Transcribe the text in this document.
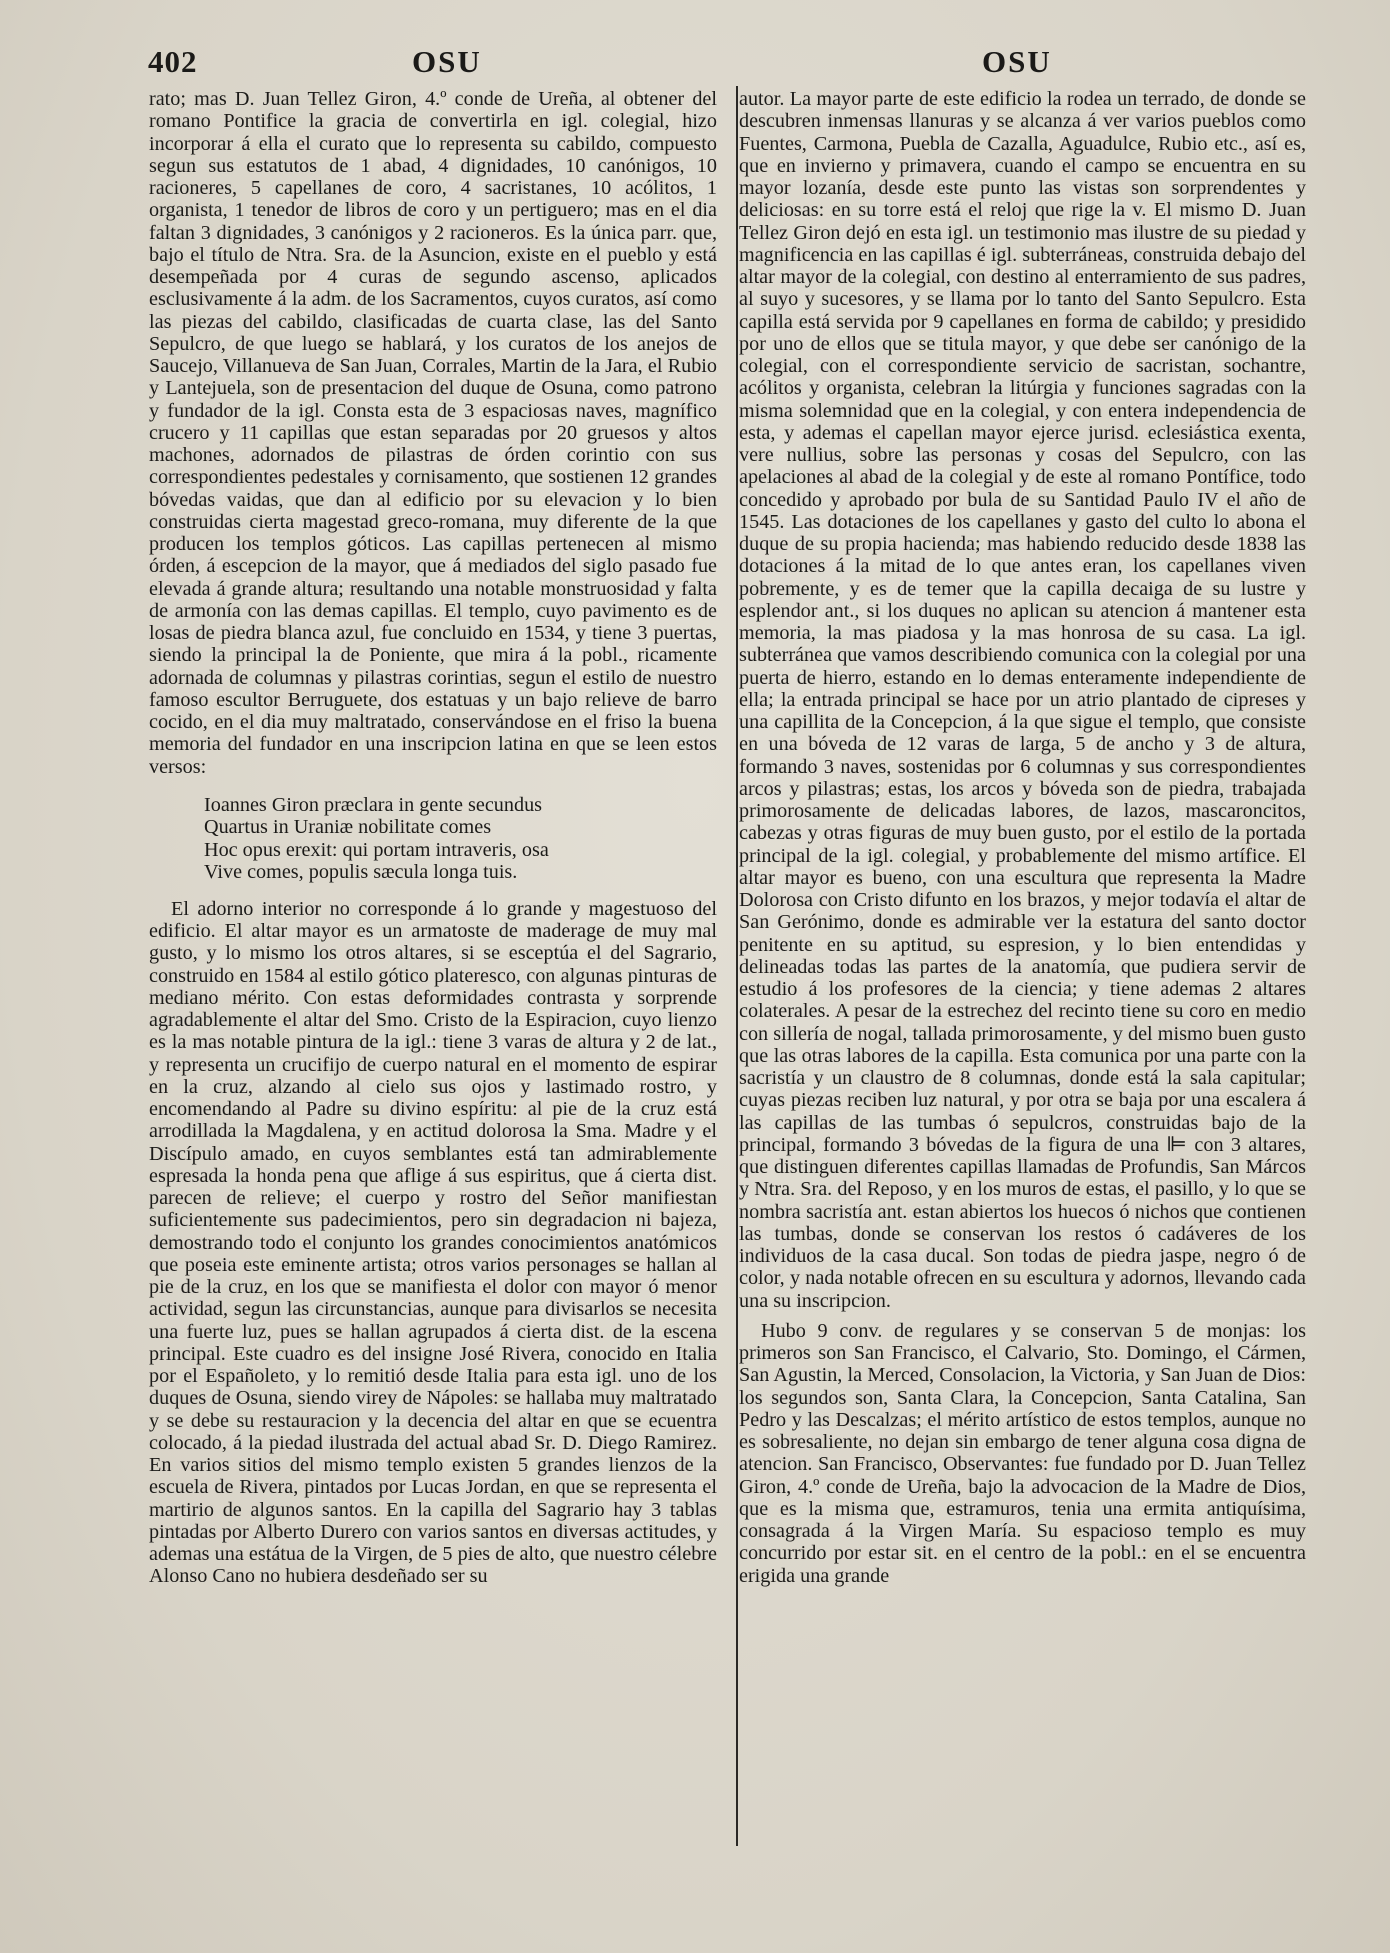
402	OSU	OSU

rato; mas D. Juan Tellez Giron, 4.º conde de Ureña, al obtener del romano Pontifice la gracia de convertirla en igl. colegial, hizo incorporar á ella el curato que lo representa su cabildo, compuesto segun sus estatutos de 1 abad, 4 dignidades, 10 canónigos, 10 racioneres, 5 capellanes de coro, 4 sacristanes, 10 acólitos, 1 organista, 1 tenedor de libros de coro y un pertiguero; mas en el dia faltan 3 dignidades, 3 canónigos y 2 racioneros. Es la única parr. que, bajo el título de Ntra. Sra. de la Asuncion, existe en el pueblo y está desempeñada por 4 curas de segundo ascenso, aplicados esclusivamente á la adm. de los Sacramentos, cuyos curatos, así como las piezas del cabildo, clasificadas de cuarta clase, las del Santo Sepulcro, de que luego se hablará, y los curatos de los anejos de Saucejo, Villanueva de San Juan, Corrales, Martin de la Jara, el Rubio y Lantejuela, son de presentacion del duque de Osuna, como patrono y fundador de la igl. Consta esta de 3 espaciosas naves, magnífico crucero y 11 capillas que estan separadas por 20 gruesos y altos machones, adornados de pilastras de órden corintio con sus correspondientes pedestales y cornisamento, que sostienen 12 grandes bóvedas vaidas, que dan al edificio por su elevacion y lo bien construidas cierta magestad greco-romana, muy diferente de la que producen los templos góticos. Las capillas pertenecen al mismo órden, á escepcion de la mayor, que á mediados del siglo pasado fue elevada á grande altura; resultando una notable monstruosidad y falta de armonía con las demas capillas. El templo, cuyo pavimento es de losas de piedra blanca azul, fue concluido en 1534, y tiene 3 puertas, siendo la principal la de Poniente, que mira á la pobl., ricamente adornada de columnas y pilastras corintias, segun el estilo de nuestro famoso escultor Berruguete, dos estatuas y un bajo relieve de barro cocido, en el dia muy maltratado, conservándose en el friso la buena memoria del fundador en una inscripcion latina en que se leen estos versos:

Ioannes Giron præclara in gente secundus
Quartus in Uraniæ nobilitate comes
Hoc opus erexit: qui portam intraveris, osa
Vive comes, populis sæcula longa tuis.

El adorno interior no corresponde á lo grande y magestuoso del edificio. El altar mayor es un armatoste de maderage de muy mal gusto, y lo mismo los otros altares, si se esceptúa el del Sagrario, construido en 1584 al estilo gótico plateresco, con algunas pinturas de mediano mérito. Con estas deformidades contrasta y sorprende agradablemente el altar del Smo. Cristo de la Espiracion, cuyo lienzo es la mas notable pintura de la igl.: tiene 3 varas de altura y 2 de lat., y representa un crucifijo de cuerpo natural en el momento de espirar en la cruz, alzando al cielo sus ojos y lastimado rostro, y encomendando al Padre su divino espíritu: al pie de la cruz está arrodillada la Magdalena, y en actitud dolorosa la Sma. Madre y el Discípulo amado, en cuyos semblantes está tan admirablemente espresada la honda pena que aflige á sus espiritus, que á cierta dist. parecen de relieve; el cuerpo y rostro del Señor manifiestan suficientemente sus padecimientos, pero sin degradacion ni bajeza, demostrando todo el conjunto los grandes conocimientos anatómicos que poseia este eminente artista; otros varios personages se hallan al pie de la cruz, en los que se manifiesta el dolor con mayor ó menor actividad, segun las circunstancias, aunque para divisarlos se necesita una fuerte luz, pues se hallan agrupados á cierta dist. de la escena principal. Este cuadro es del insigne José Rivera, conocido en Italia por el Españoleto, y lo remitió desde Italia para esta igl. uno de los duques de Osuna, siendo virey de Nápoles: se hallaba muy maltratado y se debe su restauracion y la decencia del altar en que se ecuentra colocado, á la piedad ilustrada del actual abad Sr. D. Diego Ramirez. En varios sitios del mismo templo existen 5 grandes lienzos de la escuela de Rivera, pintados por Lucas Jordan, en que se representa el martirio de algunos santos. En la capilla del Sagrario hay 3 tablas pintadas por Alberto Durero con varios santos en diversas actitudes, y ademas una estátua de la Virgen, de 5 pies de alto, que nuestro célebre Alonso Cano no hubiera desdeñado ser su

autor. La mayor parte de este edificio la rodea un terrado, de donde se descubren inmensas llanuras y se alcanza á ver varios pueblos como Fuentes, Carmona, Puebla de Cazalla, Aguadulce, Rubio etc., así es, que en invierno y primavera, cuando el campo se encuentra en su mayor lozanía, desde este punto las vistas son sorprendentes y deliciosas: en su torre está el reloj que rige la v. El mismo D. Juan Tellez Giron dejó en esta igl. un testimonio mas ilustre de su piedad y magnificencia en las capillas é igl. subterráneas, construida debajo del altar mayor de la colegial, con destino al enterramiento de sus padres, al suyo y sucesores, y se llama por lo tanto del Santo Sepulcro. Esta capilla está servida por 9 capellanes en forma de cabildo; y presidido por uno de ellos que se titula mayor, y que debe ser canónigo de la colegial, con el correspondiente servicio de sacristan, sochantre, acólitos y organista, celebran la litúrgia y funciones sagradas con la misma solemnidad que en la colegial, y con entera independencia de esta, y ademas el capellan mayor ejerce jurisd. eclesiástica exenta, vere nullius, sobre las personas y cosas del Sepulcro, con las apelaciones al abad de la colegial y de este al romano Pontífice, todo concedido y aprobado por bula de su Santidad Paulo IV el año de 1545. Las dotaciones de los capellanes y gasto del culto lo abona el duque de su propia hacienda; mas habiendo reducido desde 1838 las dotaciones á la mitad de lo que antes eran, los capellanes viven pobremente, y es de temer que la capilla decaiga de su lustre y esplendor ant., si los duques no aplican su atencion á mantener esta memoria, la mas piadosa y la mas honrosa de su casa. La igl. subterránea que vamos describiendo comunica con la colegial por una puerta de hierro, estando en lo demas enteramente independiente de ella; la entrada principal se hace por un atrio plantado de cipreses y una capillita de la Concepcion, á la que sigue el templo, que consiste en una bóveda de 12 varas de larga, 5 de ancho y 3 de altura, formando 3 naves, sostenidas por 6 columnas y sus correspondientes arcos y pilastras; estas, los arcos y bóveda son de piedra, trabajada primorosamente de delicadas labores, de lazos, mascaroncitos, cabezas y otras figuras de muy buen gusto, por el estilo de la portada principal de la igl. colegial, y probablemente del mismo artífice. El altar mayor es bueno, con una escultura que representa la Madre Dolorosa con Cristo difunto en los brazos, y mejor todavía el altar de San Gerónimo, donde es admirable ver la estatura del santo doctor penitente en su aptitud, su espresion, y lo bien entendidas y delineadas todas las partes de la anatomía, que pudiera servir de estudio á los profesores de la ciencia; y tiene ademas 2 altares colaterales. A pesar de la estrechez del recinto tiene su coro en medio con sillería de nogal, tallada primorosamente, y del mismo buen gusto que las otras labores de la capilla. Esta comunica por una parte con la sacristía y un claustro de 8 columnas, donde está la sala capitular; cuyas piezas reciben luz natural, y por otra se baja por una escalera á las capillas de las tumbas ó sepulcros, construidas bajo de la principal, formando 3 bóvedas de la figura de una ⊫ con 3 altares, que distinguen diferentes capillas llamadas de Profundis, San Márcos y Ntra. Sra. del Reposo, y en los muros de estas, el pasillo, y lo que se nombra sacristía ant. estan abiertos los huecos ó nichos que contienen las tumbas, donde se conservan los restos ó cadáveres de los individuos de la casa ducal. Son todas de piedra jaspe, negro ó de color, y nada notable ofrecen en su escultura y adornos, llevando cada una su inscripcion.

Hubo 9 conv. de regulares y se conservan 5 de monjas: los primeros son San Francisco, el Calvario, Sto. Domingo, el Cármen, San Agustin, la Merced, Consolacion, la Victoria, y San Juan de Dios: los segundos son, Santa Clara, la Concepcion, Santa Catalina, San Pedro y las Descalzas; el mérito artístico de estos templos, aunque no es sobresaliente, no dejan sin embargo de tener alguna cosa digna de atencion. San Francisco, Observantes: fue fundado por D. Juan Tellez Giron, 4.º conde de Ureña, bajo la advocacion de la Madre de Dios, que es la misma que, estramuros, tenia una ermita antiquísima, consagrada á la Virgen María. Su espacioso templo es muy concurrido por estar sit. en el centro de la pobl.: en el se encuentra erigida una grande
